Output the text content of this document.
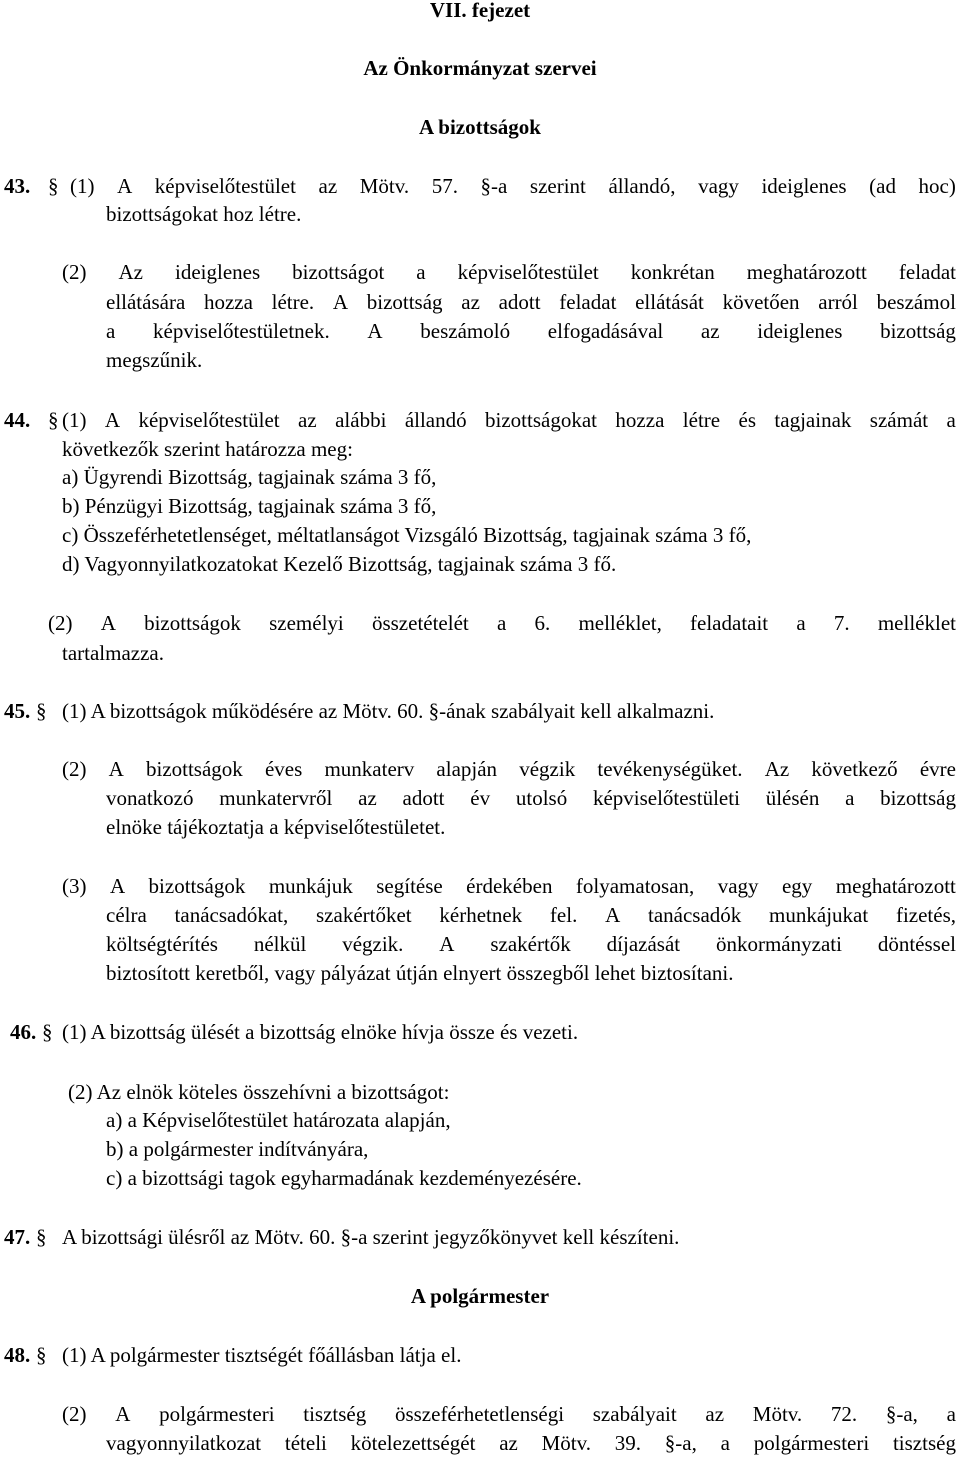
VII. fejezet
Az Önkormányzat szervei
A bizottságok
43. § (1) A képviselőtestület az Mötv. 57. §-a szerint állandó, vagy ideiglenes (ad hoc)
bizottságokat hoz létre.
(2) Az ideiglenes bizottságot a képviselőtestület konkrétan meghatározott feladat
ellátására hozza létre. A bizottság az adott feladat ellátását követően arról beszámol
a képviselőtestületnek. A beszámoló elfogadásával az ideiglenes bizottság
megszűnik.
44. § (1) A képviselőtestület az alábbi állandó bizottságokat hozza létre és tagjainak számát a
következők szerint határozza meg:
a) Ügyrendi Bizottság, tagjainak száma 3 fő,
b) Pénzügyi Bizottság, tagjainak száma 3 fő,
c) Összeférhetetlenséget, méltatlanságot Vizsgáló Bizottság, tagjainak száma 3 fő,
d) Vagyonnyilatkozatokat Kezelő Bizottság, tagjainak száma 3 fő.
(2) A bizottságok személyi összetételét a 6. melléklet, feladatait a 7. melléklet
tartalmazza.
45. § (1) A bizottságok működésére az Mötv. 60. §-ának szabályait kell alkalmazni.
(2) A bizottságok éves munkaterv alapján végzik tevékenységüket. Az következő évre
vonatkozó munkatervről az adott év utolsó képviselőtestületi ülésén a bizottság
elnöke tájékoztatja a képviselőtestületet.
(3) A bizottságok munkájuk segítése érdekében folyamatosan, vagy egy meghatározott
célra tanácsadókat, szakértőket kérhetnek fel. A tanácsadók munkájukat fizetés,
költségtérítés nélkül végzik. A szakértők díjazását önkormányzati döntéssel
biztosított keretből, vagy pályázat útján elnyert összegből lehet biztosítani.
46. § (1) A bizottság ülését a bizottság elnöke hívja össze és vezeti.
(2) Az elnök köteles összehívni a bizottságot:
a) a Képviselőtestület határozata alapján,
b) a polgármester indítványára,
c) a bizottsági tagok egyharmadának kezdeményezésére.
47. § A bizottsági ülésről az Mötv. 60. §-a szerint jegyzőkönyvet kell készíteni.
A polgármester
48. § (1) A polgármester tisztségét főállásban látja el.
(2) A polgármesteri tisztség összeférhetetlenségi szabályait az Mötv. 72. §-a, a
vagyonnyilatkozat tételi kötelezettségét az Mötv. 39. §-a, a polgármesteri tisztség
